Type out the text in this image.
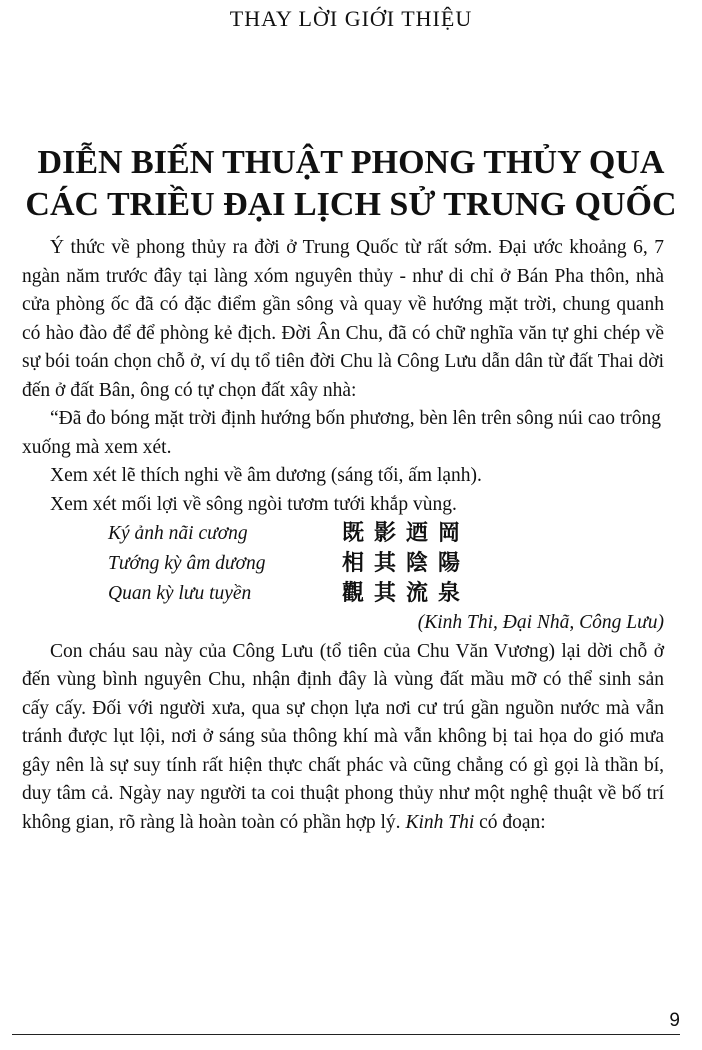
THAY LỜI GIỚI THIỆU
DIỄN BIẾN THUẬT PHONG THỦY QUA
CÁC TRIỀU ĐẠI LỊCH SỬ TRUNG QUỐC

Ý thức về phong thủy ra đời ở Trung Quốc từ rất sớm. Đại ước khoảng 6, 7 ngàn năm trước đây tại làng xóm nguyên thủy - như di chỉ ở Bán Pha thôn, nhà cửa phòng ốc đã có đặc điểm gần sông và quay về hướng mặt trời, chung quanh có hào đào để để phòng kẻ địch. Đời Ân Chu, đã có chữ nghĩa văn tự ghi chép về sự bói toán chọn chỗ ở, ví dụ tổ tiên đời Chu là Công Lưu dẫn dân từ đất Thai dời đến ở đất Bân, ông có tự chọn đất xây nhà:

“Đã đo bóng mặt trời định hướng bốn phương, bèn lên trên sông núi cao trông xuống mà xem xét.

Xem xét lẽ thích nghi về âm dương (sáng tối, ấm lạnh).

Xem xét mối lợi về sông ngòi tươm tưới khắp vùng.

Ký ảnh nãi cương	既影迺岡
Tướng kỳ âm dương	相其陰陽
Quan kỳ lưu tuyền	觀其流泉

(Kinh Thi, Đại Nhã, Công Lưu)

Con cháu sau này của Công Lưu (tổ tiên của Chu Văn Vương) lại dời chỗ ở đến vùng bình nguyên Chu, nhận định đây là vùng đất mầu mỡ có thể sinh sản cấy cấy. Đối với người xưa, qua sự chọn lựa nơi cư trú gần nguồn nước mà vẫn tránh được lụt lội, nơi ở sáng sủa thông khí mà vẫn không bị tai họa do gió mưa gây nên là sự suy tính rất hiện thực chất phác và cũng chẳng có gì gọi là thần bí, duy tâm cả. Ngày nay người ta coi thuật phong thủy như một nghệ thuật về bố trí không gian, rõ ràng là hoàn toàn có phần hợp lý. Kinh Thi có đoạn:

9
